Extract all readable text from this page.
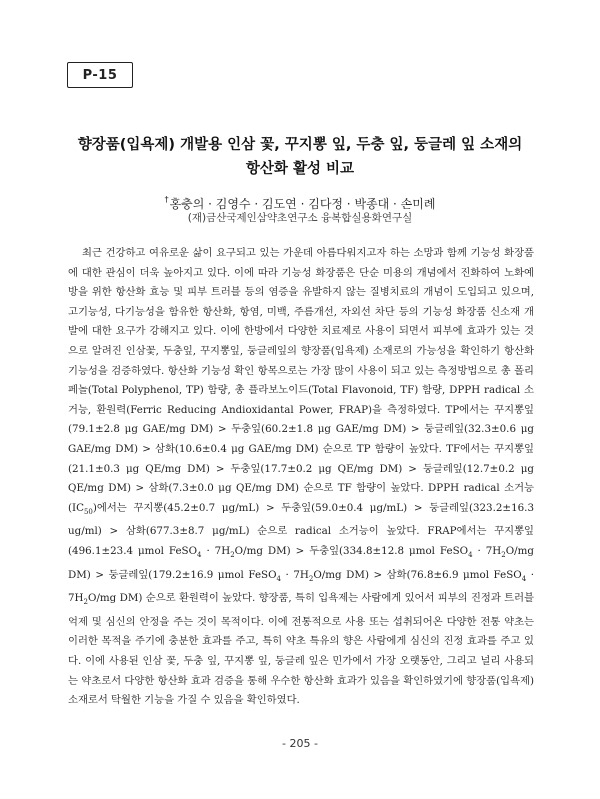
P-15
향장품(입욕제) 개발용 인삼 꽃, 꾸지뽕 잎, 두충 잎, 둥글레 잎 소재의
항산화 활성 비교
†홍충의 · 김영수 · 김도연 · 김다정 · 박종대 · 손미례
(재)금산국제인삼약초연구소 융복합실용화연구실

최근 건강하고 여유로운 삶이 요구되고 있는 가운데 아름다워지고자 하는 소망과 함께 기능성 화장품에 대한 관심이 더욱 높아지고 있다. 이에 따라 기능성 화장품은 단순 미용의 개념에서 진화하여 노화예방을 위한 항산화 효능 및 피부 트러블 등의 염증을 유발하지 않는 질병치료의 개념이 도입되고 있으며, 고기능성, 다기능성을 함유한 항산화, 항염, 미백, 주름개선, 자외선 차단 등의 기능성 화장품 신소재 개발에 대한 요구가 강해지고 있다. 이에 한방에서 다양한 치료제로 사용이 되면서 피부에 효과가 있는 것으로 알려진 인삼꽃, 두충잎, 꾸지뽕잎, 둥글레잎의 향장품(입욕제) 소재로의 가능성을 확인하기 항산화 기능성을 검증하였다. 항산화 기능성 확인 항목으로는 가장 많이 사용이 되고 있는 측정방법으로 총 폴리페놀(Total Polyphenol, TP) 함량, 총 플라보노이드(Total Flavonoid, TF) 함량, DPPH radical 소거능, 환원력(Ferric Reducing Andioxidantal Power, FRAP)을 측정하였다. TP에서는 꾸지뽕잎(79.1±2.8 μg GAE/mg DM) > 두충잎(60.2±1.8 μg GAE/mg DM) > 둥글레잎(32.3±0.6 μg GAE/mg DM) > 삼화(10.6±0.4 μg GAE/mg DM) 순으로 TP 함량이 높았다. TF에서는 꾸지뽕잎(21.1±0.3 μg QE/mg DM) > 두충잎(17.7±0.2 μg QE/mg DM) > 둥글레잎(12.7±0.2 μg QE/mg DM) > 삼화(7.3±0.0 μg QE/mg DM) 순으로 TF 함량이 높았다. DPPH radical 소거능$(IC_{50})$에서는 꾸지뽕(45.2±0.7 μg/mL) > 두충잎(59.0±0.4 μg/mL) > 둥글레잎(323.2±16.3 ug/ml) > 삼화(677.3±8.7 μg/mL) 순으로 radical 소거능이 높았다. FRAP에서는 꾸지뽕잎(496.1±23.4 μmol FeSO$_4$ · $7H_2O/mg$ DM) > 두충잎(334.8±12.8 μmol FeSO$_4$ · $7H_2O/mg$ DM) > 둥글레잎(179.2±16.9 μmol FeSO$_4$ · $7H_2O/mg$ DM) > 삼화(76.8±6.9 μmol FeSO$_4$ · $7H_2O/mg$ DM) 순으로 환원력이 높았다. 향장품, 특히 입욕제는 사람에게 있어서 피부의 진정과 트러블 억제 및 심신의 안정을 주는 것이 목적이다. 이에 전통적으로 사용 또는 섭취되어온 다양한 전통 약초는 이러한 목적을 주기에 충분한 효과를 주고, 특히 약초 특유의 향은 사람에게 심신의 진정 효과를 주고 있다. 이에 사용된 인삼 꽃, 두충 잎, 꾸지뽕 잎, 둥글레 잎은 민가에서 가장 오랫동안, 그리고 널리 사용되는 약초로서 다양한 항산화 효과 검증을 통해 우수한 항산화 효과가 있음을 확인하였기에 향장품(입욕제) 소재로서 탁월한 기능을 가질 수 있음을 확인하였다.

- 205 -
